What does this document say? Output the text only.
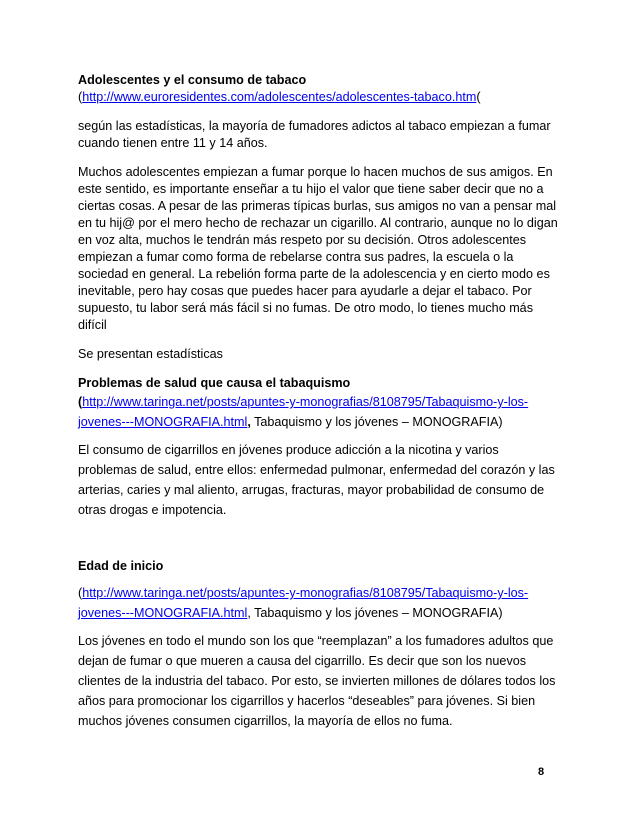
Adolescentes y el consumo de tabaco

(http://www.euroresidentes.com/adolescentes/adolescentes-tabaco.htm(

según las estadísticas, la mayoría de fumadores adictos al tabaco empiezan a fumar cuando tienen entre 11 y 14 años.

Muchos adolescentes empiezan a fumar porque lo hacen muchos de sus amigos. En este sentido, es importante enseñar a tu hijo el valor que tiene saber decir que no a ciertas cosas. A pesar de las primeras típicas burlas, sus amigos no van a pensar mal en tu hij@ por el mero hecho de rechazar un cigarillo. Al contrario, aunque no lo digan en voz alta, muchos le tendrán más respeto por su decisión. Otros adolescentes empiezan a fumar como forma de rebelarse contra sus padres, la escuela o la sociedad en general. La rebelión forma parte de la adolescencia y en cierto modo es inevitable, pero hay cosas que puedes hacer para ayudarle a dejar el tabaco. Por supuesto, tu labor será más fácil si no fumas. De otro modo, lo tienes mucho más difícil

Se presentan estadísticas

Problemas de salud que causa el tabaquismo

(http://www.taringa.net/posts/apuntes-y-monografias/8108795/Tabaquismo-y-los-jovenes---MONOGRAFIA.html, Tabaquismo y los jóvenes – MONOGRAFIA)

El consumo de cigarrillos en jóvenes produce adicción a la nicotina y varios problemas de salud, entre ellos: enfermedad pulmonar, enfermedad del corazón y las arterias, caries y mal aliento, arrugas, fracturas, mayor probabilidad de consumo de otras drogas e impotencia.

Edad de inicio

(http://www.taringa.net/posts/apuntes-y-monografias/8108795/Tabaquismo-y-los-jovenes---MONOGRAFIA.html, Tabaquismo y los jóvenes – MONOGRAFIA)

Los jóvenes en todo el mundo son los que “reemplazan” a los fumadores adultos que dejan de fumar o que mueren a causa del cigarrillo. Es decir que son los nuevos clientes de la industria del tabaco. Por esto, se invierten millones de dólares todos los años para promocionar los cigarrillos y hacerlos “deseables” para jóvenes. Si bien muchos jóvenes consumen cigarrillos, la mayoría de ellos no fuma.

8
